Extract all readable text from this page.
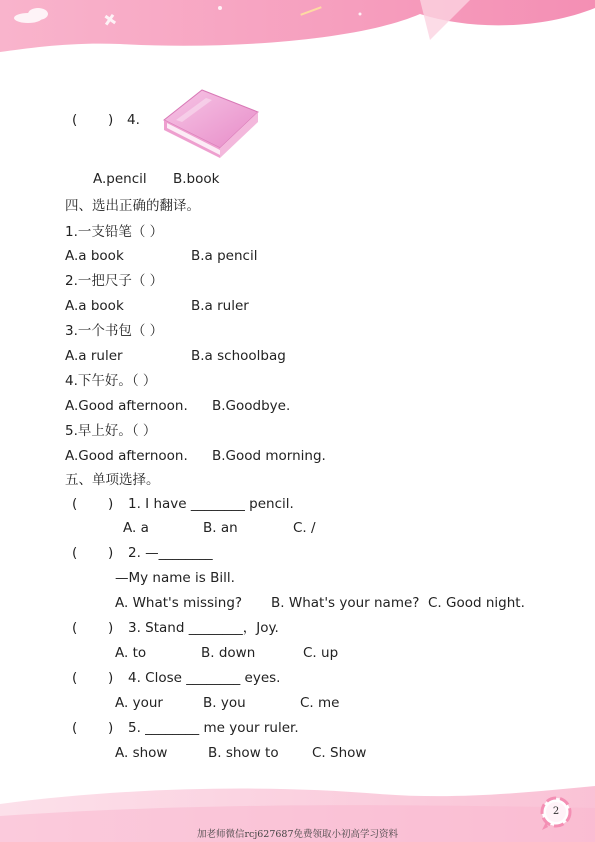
( ) 4.
A.pencil B.book
四、选出正确的翻译。
1.一支铅笔（ ）
A.a book	B.a pencil
2.一把尺子（ ）
A.a book	B.a ruler
3.一个书包（ ）
A.a ruler	B.a schoolbag
4.下午好。（ ）
A.Good afternoon. B.Goodbye.
5.早上好。（ ）
A.Good afternoon. B.Good morning.
五、单项选择。
( ) 1. I have ________ pencil.
A. a	B. an	C. /
( ) 2. —________
—My name is Bill.
A. What's missing? B. What's your name? C. Good night.
( ) 3. Stand ________，Joy.
A. to	B. down	C. up
( ) 4. Close ________ eyes.
A. your	B. you	C. me
( ) 5. ________ me your ruler.
A. show	B. show to C. Show
2
加老师微信rcj627687免费领取小初高学习资料
